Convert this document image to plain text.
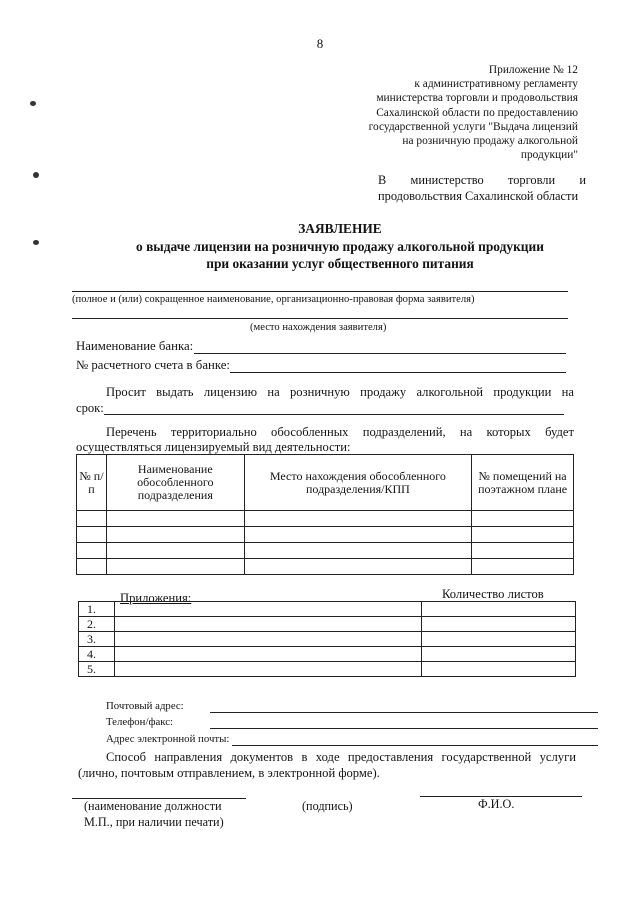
8
Приложение № 12
к административному регламенту
министерства торговли и продовольствия
Сахалинской области по предоставлению
государственной услуги "Выдача лицензий
на розничную продажу алкогольной
продукции"
В министерство торговли и
продовольствия Сахалинской области
ЗАЯВЛЕНИЕ
о выдаче лицензии на розничную продажу алкогольной продукции
при оказании услуг общественного питания
(полное и (или) сокращенное наименование, организационно-правовая форма заявителя)
(место нахождения заявителя)
Наименование банка:
№ расчетного счета в банке:
Просит выдать лицензию на розничную продажу алкогольной продукции на
срок:
Перечень территориально обособленных подразделений, на которых будет
осуществляться лицензируемый вид деятельности:
№ п/п	Наименование обособленного подразделения	Место нахождения обособленного подразделения/КПП	№ помещений на поэтажном плане

Приложения:	Количество листов
1.		
2.		
3.		
4.		
5.		
Почтовый адрес:
Телефон/факс:
Адрес электронной почты:
Способ направления документов в ходе предоставления государственной услуги
(лично, почтовым отправлением, в электронной форме).
(наименование должности
М.П., при наличии печати)
(подпись)	Ф.И.О.
